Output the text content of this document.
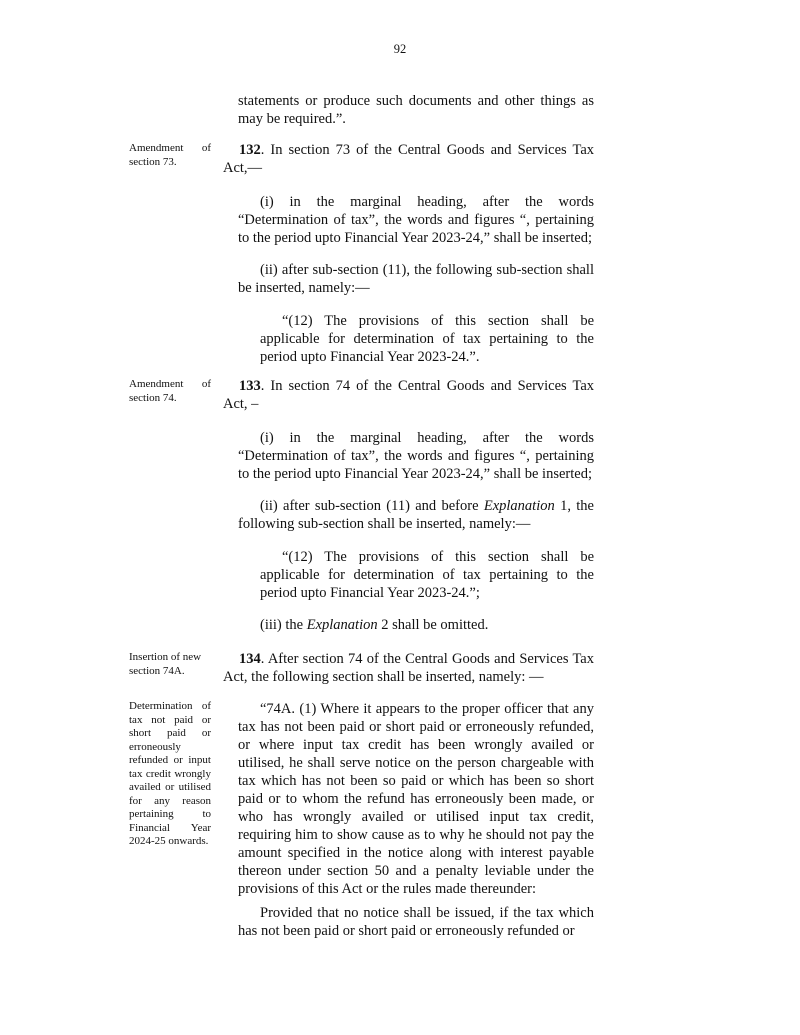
92
statements or produce such documents and other things as may be required.”.
Amendment of section 73.
132. In section 73 of the Central Goods and Services Tax Act,—
(i) in the marginal heading, after the words “Determination of tax”, the words and figures “, pertaining to the period upto Financial Year 2023-24,” shall be inserted;
(ii) after sub-section (11), the following sub-section shall be inserted, namely:—
“(12) The provisions of this section shall be applicable for determination of tax pertaining to the period upto Financial Year 2023-24.”.
Amendment of section 74.
133. In section 74 of the Central Goods and Services Tax Act, –
(i) in the marginal heading, after the words “Determination of tax”, the words and figures “, pertaining to the period upto Financial Year 2023-24,” shall be inserted;
(ii) after sub-section (11) and before Explanation 1, the following sub-section shall be inserted, namely:—
“(12) The provisions of this section shall be applicable for determination of tax pertaining to the period upto Financial Year 2023-24.”;
(iii) the Explanation 2 shall be omitted.
Insertion of new section 74A.
134. After section 74 of the Central Goods and Services Tax Act, the following section shall be inserted, namely: —
Determination of tax not paid or short paid or erroneously refunded or input tax credit wrongly availed or utilised for any reason pertaining to Financial Year 2024-25 onwards.
“74A. (1) Where it appears to the proper officer that any tax has not been paid or short paid or erroneously refunded, or where input tax credit has been wrongly availed or utilised, he shall serve notice on the person chargeable with tax which has not been so paid or which has been so short paid or to whom the refund has erroneously been made, or who has wrongly availed or utilised input tax credit, requiring him to show cause as to why he should not pay the amount specified in the notice along with interest payable thereon under section 50 and a penalty leviable under the provisions of this Act or the rules made thereunder:
Provided that no notice shall be issued, if the tax which has not been paid or short paid or erroneously refunded or
